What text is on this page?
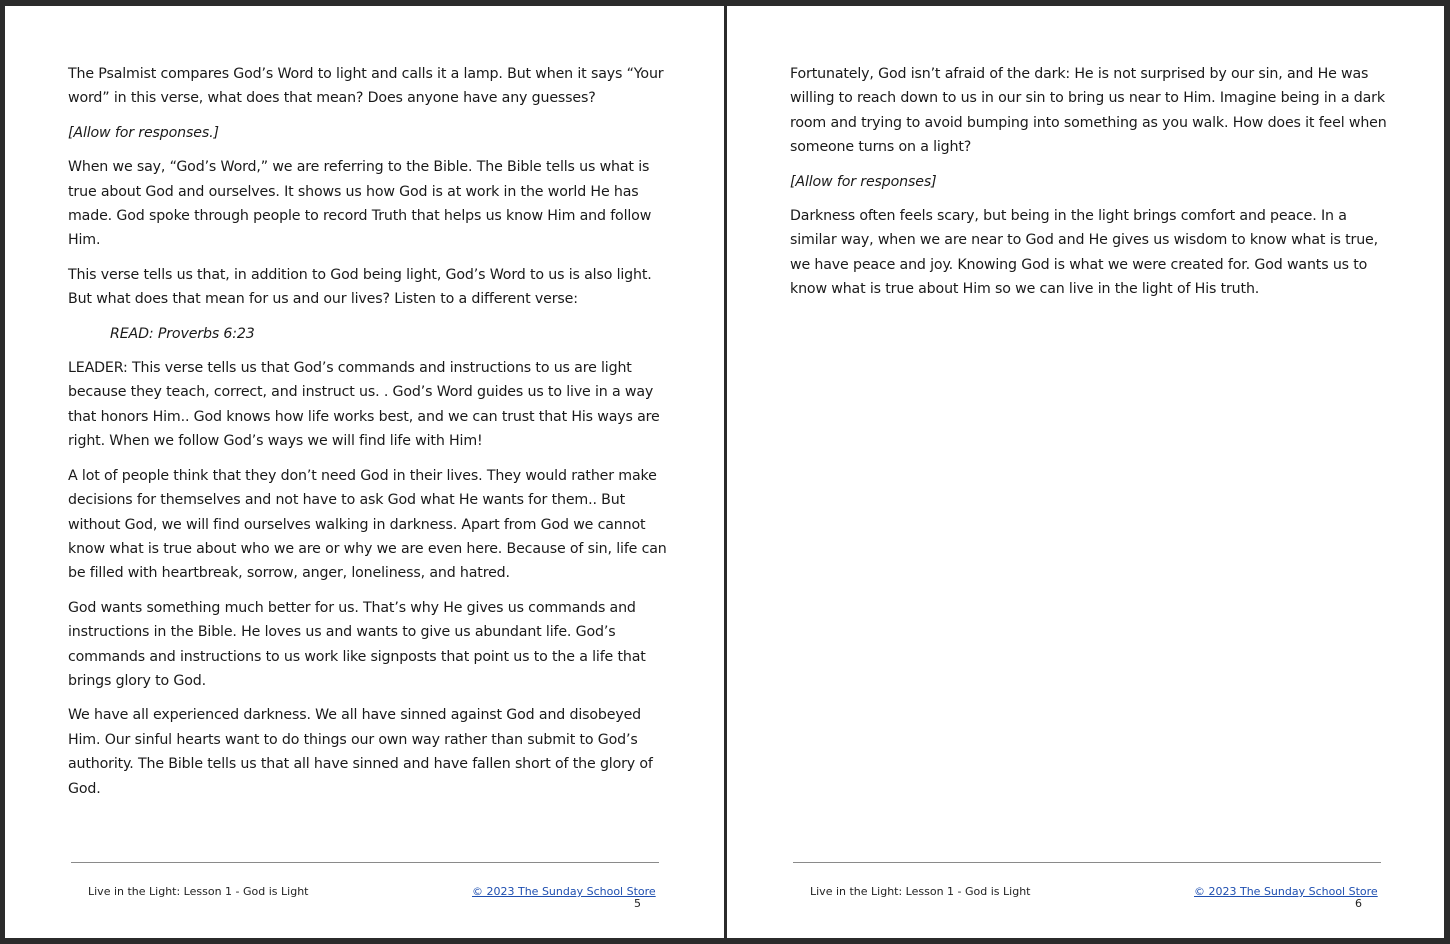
The Psalmist compares God’s Word to light and calls it a lamp. But when it says “Your word” in this verse, what does that mean? Does anyone have any guesses?

[Allow for responses.]

When we say, “God’s Word,” we are referring to the Bible. The Bible tells us what is true about God and ourselves. It shows us how God is at work in the world He has made. God spoke through people to record Truth that helps us know Him and follow Him.

This verse tells us that, in addition to God being light, God’s Word to us is also light. But what does that mean for us and our lives? Listen to a different verse:

READ: Proverbs 6:23

LEADER: This verse tells us that God’s commands and instructions to us are light because they teach, correct, and instruct us. . God’s Word guides us to live in a way that honors Him.. God knows how life works best, and we can trust that His ways are right. When we follow God’s ways we will find life with Him!

A lot of people think that they don’t need God in their lives. They would rather make decisions for themselves and not have to ask God what He wants for them.. But without God, we will find ourselves walking in darkness. Apart from God we cannot know what is true about who we are or why we are even here. Because of sin, life can be filled with heartbreak, sorrow, anger, loneliness, and hatred.

God wants something much better for us. That’s why He gives us commands and instructions in the Bible. He loves us and wants to give us abundant life. God’s commands and instructions to us work like signposts that point us to the a life that brings glory to God.

We have all experienced darkness. We all have sinned against God and disobeyed Him. Our sinful hearts want to do things our own way rather than submit to God’s authority. The Bible tells us that all have sinned and have fallen short of the glory of God.

Live in the Light: Lesson 1 - God is Light	© 2023 The Sunday School Store
5

Fortunately, God isn’t afraid of the dark: He is not surprised by our sin, and He was willing to reach down to us in our sin to bring us near to Him. Imagine being in a dark room and trying to avoid bumping into something as you walk. How does it feel when someone turns on a light?

[Allow for responses]

Darkness often feels scary, but being in the light brings comfort and peace. In a similar way, when we are near to God and He gives us wisdom to know what is true, we have peace and joy. Knowing God is what we were created for. God wants us to know what is true about Him so we can live in the light of His truth.

Live in the Light: Lesson 1 - God is Light	© 2023 The Sunday School Store
6
